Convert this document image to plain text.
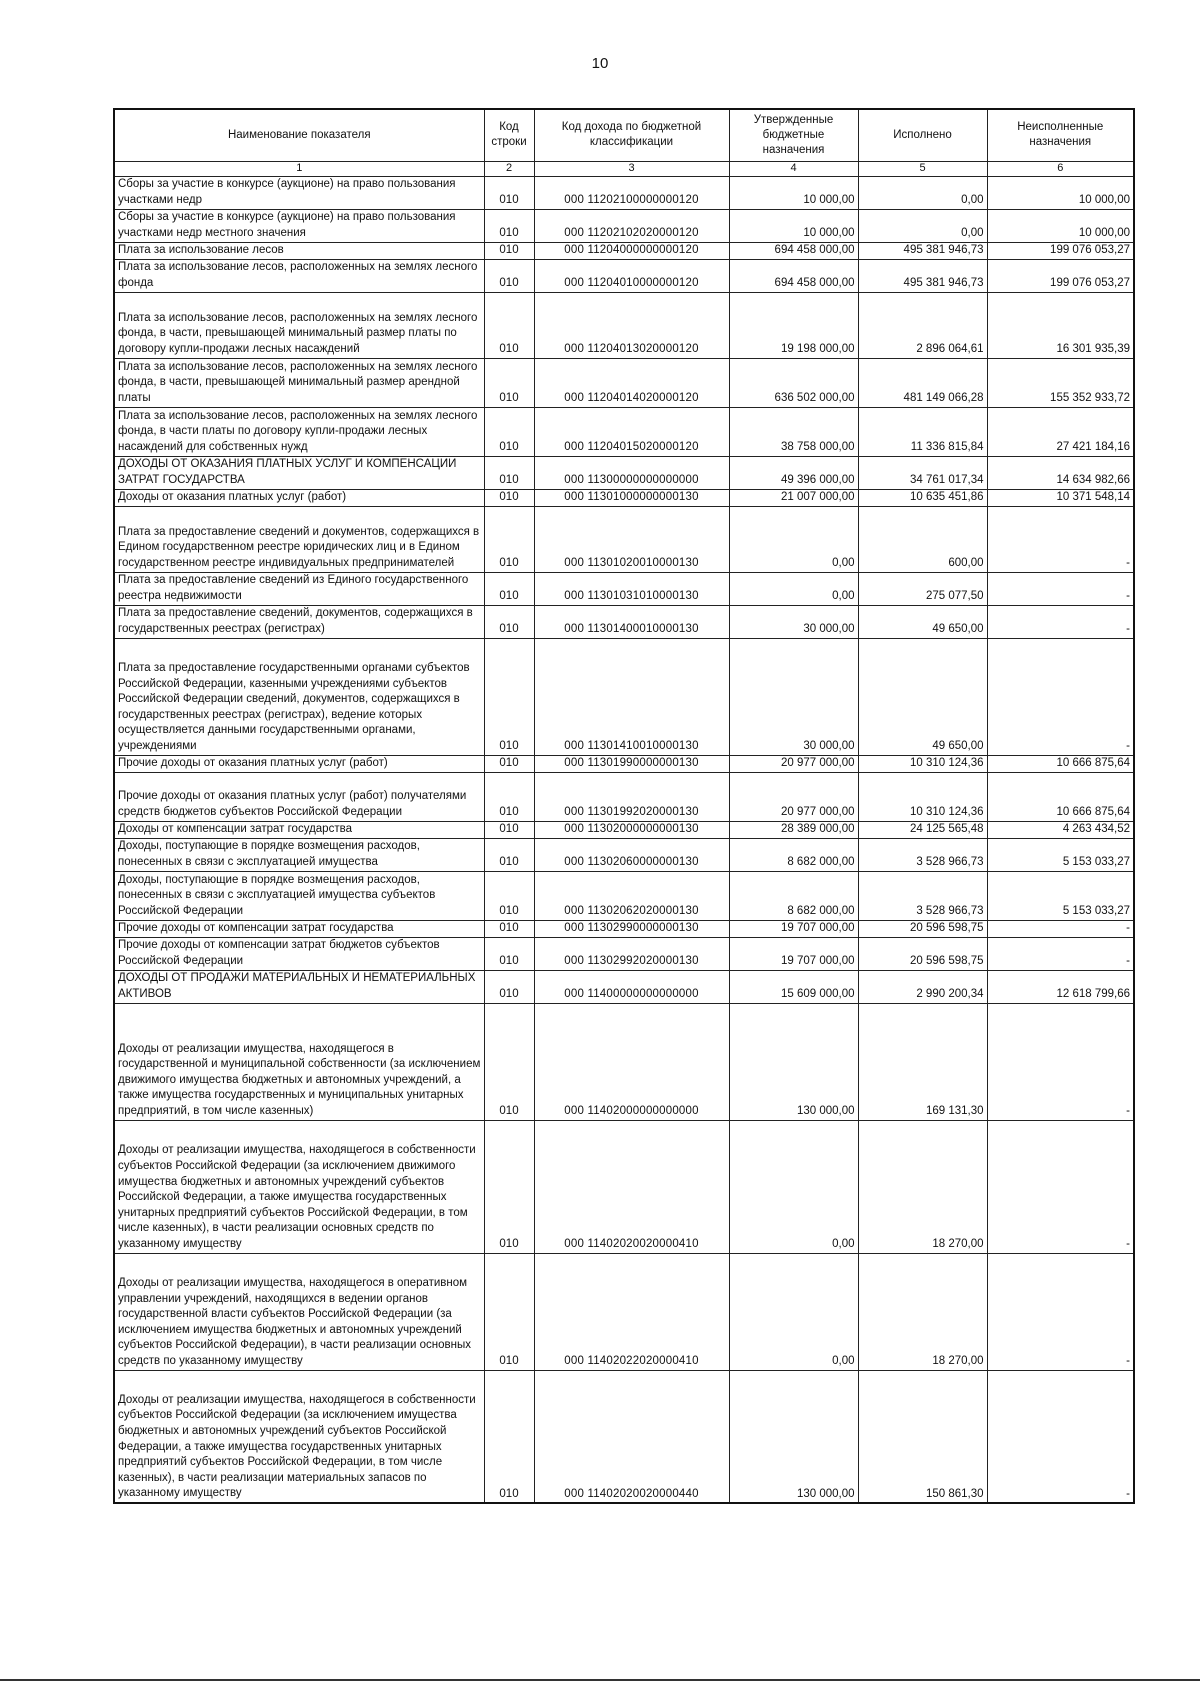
10
Наименование показателя	Код строки	Код дохода по бюджетной классификации	Утвержденные бюджетные назначения	Исполнено	Неисполненные назначения
1	2	3	4	5	6
Сборы за участие в конкурсе (аукционе) на право пользования участками недр	010	000 11202100000000120	10 000,00	0,00	10 000,00
Сборы за участие в конкурсе (аукционе) на право пользования участками недр местного значения	010	000 11202102020000120	10 000,00	0,00	10 000,00
Плата за использование лесов	010	000 11204000000000120	694 458 000,00	495 381 946,73	199 076 053,27
Плата за использование лесов, расположенных на землях лесного фонда	010	000 11204010000000120	694 458 000,00	495 381 946,73	199 076 053,27
Плата за использование лесов, расположенных на землях лесного фонда, в части, превышающей минимальный размер платы по договору купли-продажи лесных насаждений	010	000 11204013020000120	19 198 000,00	2 896 064,61	16 301 935,39
Плата за использование лесов, расположенных на землях лесного фонда, в части, превышающей минимальный размер арендной платы	010	000 11204014020000120	636 502 000,00	481 149 066,28	155 352 933,72
Плата за использование лесов, расположенных на землях лесного фонда, в части платы по договору купли-продажи лесных насаждений для собственных нужд	010	000 11204015020000120	38 758 000,00	11 336 815,84	27 421 184,16
ДОХОДЫ ОТ ОКАЗАНИЯ ПЛАТНЫХ УСЛУГ И КОМПЕНСАЦИИ ЗАТРАТ ГОСУДАРСТВА	010	000 11300000000000000	49 396 000,00	34 761 017,34	14 634 982,66
Доходы от оказания платных услуг (работ)	010	000 11301000000000130	21 007 000,00	10 635 451,86	10 371 548,14
Плата за предоставление сведений и документов, содержащихся в Едином государственном реестре юридических лиц и в Едином государственном реестре индивидуальных предпринимателей	010	000 11301020010000130	0,00	600,00	-
Плата за предоставление сведений из Единого государственного реестра недвижимости	010	000 11301031010000130	0,00	275 077,50	-
Плата за предоставление сведений, документов, содержащихся в государственных реестрах (регистрах)	010	000 11301400010000130	30 000,00	49 650,00	-
Плата за предоставление государственными органами субъектов Российской Федерации, казенными учреждениями субъектов Российской Федерации сведений, документов, содержащихся в государственных реестрах (регистрах), ведение которых осуществляется данными государственными органами, учреждениями	010	000 11301410010000130	30 000,00	49 650,00	-
Прочие доходы от оказания платных услуг (работ)	010	000 11301990000000130	20 977 000,00	10 310 124,36	10 666 875,64
Прочие доходы от оказания платных услуг (работ) получателями средств бюджетов субъектов Российской Федерации	010	000 11301992020000130	20 977 000,00	10 310 124,36	10 666 875,64
Доходы от компенсации затрат государства	010	000 11302000000000130	28 389 000,00	24 125 565,48	4 263 434,52
Доходы, поступающие в порядке возмещения расходов, понесенных в связи с эксплуатацией имущества	010	000 11302060000000130	8 682 000,00	3 528 966,73	5 153 033,27
Доходы, поступающие в порядке возмещения расходов, понесенных в связи с эксплуатацией имущества субъектов Российской Федерации	010	000 11302062020000130	8 682 000,00	3 528 966,73	5 153 033,27
Прочие доходы от компенсации затрат государства	010	000 11302990000000130	19 707 000,00	20 596 598,75	-
Прочие доходы от компенсации затрат бюджетов субъектов Российской Федерации	010	000 11302992020000130	19 707 000,00	20 596 598,75	-
ДОХОДЫ ОТ ПРОДАЖИ МАТЕРИАЛЬНЫХ И НЕМАТЕРИАЛЬНЫХ АКТИВОВ	010	000 11400000000000000	15 609 000,00	2 990 200,34	12 618 799,66
Доходы от реализации имущества, находящегося в государственной и муниципальной собственности (за исключением движимого имущества бюджетных и автономных учреждений, а также имущества государственных и муниципальных унитарных предприятий, в том числе казенных)	010	000 11402000000000000	130 000,00	169 131,30	-
Доходы от реализации имущества, находящегося в собственности субъектов Российской Федерации (за исключением движимого имущества бюджетных и автономных учреждений субъектов Российской Федерации, а также имущества государственных унитарных предприятий субъектов Российской Федерации, в том числе казенных), в части реализации основных средств по указанному имуществу	010	000 11402020020000410	0,00	18 270,00	-
Доходы от реализации имущества, находящегося в оперативном управлении учреждений, находящихся в ведении органов государственной власти субъектов Российской Федерации (за исключением имущества бюджетных и автономных учреждений субъектов Российской Федерации), в части реализации основных средств по указанному имуществу	010	000 11402022020000410	0,00	18 270,00	-
Доходы от реализации имущества, находящегося в собственности субъектов Российской Федерации (за исключением имущества бюджетных и автономных учреждений субъектов Российской Федерации, а также имущества государственных унитарных предприятий субъектов Российской Федерации, в том числе казенных), в части реализации материальных запасов по указанному имуществу	010	000 11402020020000440	130 000,00	150 861,30	-
